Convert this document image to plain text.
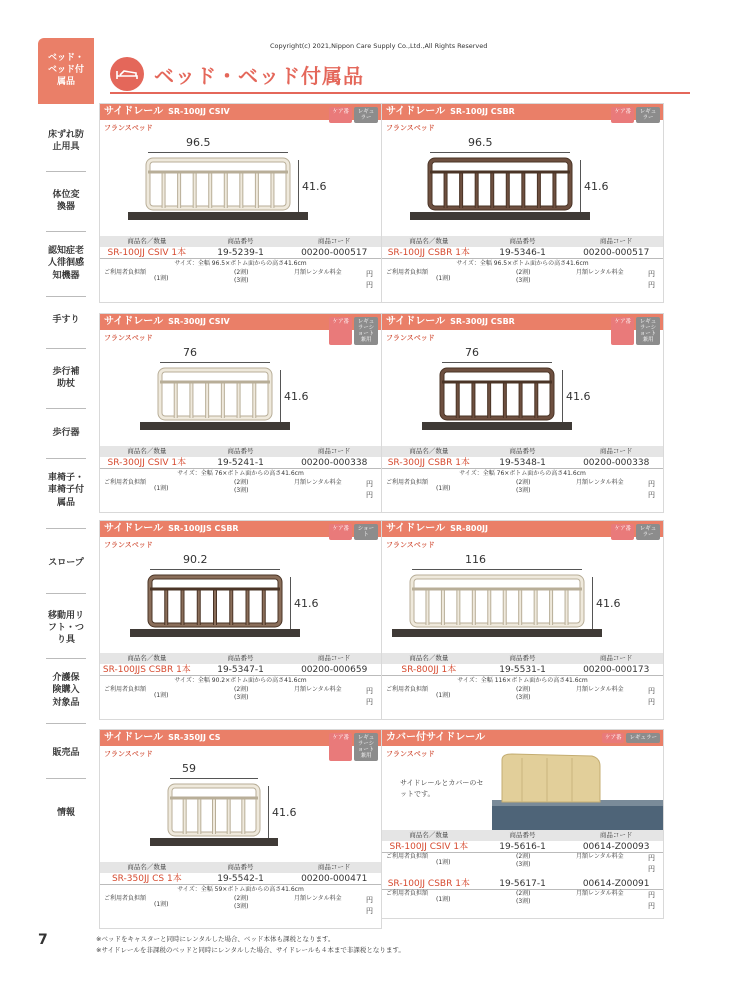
Copyright(c) 2021,Nippon Care Supply Co.,Ltd.,All Rights Reserved
ベッド・ベッド付属品
床ずれ防止用具
体位変換器
認知症老人徘徊感知機器
手すり
歩行補助杖
歩行器
車椅子・車椅子付属品
スロープ
移動用リフト・つり具
介護保険購入対象品
販売品
情報
ベッド・ベッド付属品
サイドレール SR-100JJ CSIV
フランスベッド
ケア番	レギュラー
96.5
41.6
商品名／数量	商品番号	商品コード
SR-100JJ CSIV 1本	19-5239-1	00200-000517
サイズ：全幅 96.5×ボトム面からの高さ41.6cm
ご利用者負担額
(1割)
(2割)
(3割)
月額レンタル料金	円
円
サイドレール SR-100JJ CSBR
フランスベッド
ケア番	レギュラー
96.5
41.6
商品名／数量	商品番号	商品コード
SR-100JJ CSBR 1本	19-5346-1	00200-000517
サイズ：全幅 96.5×ボトム面からの高さ41.6cm
ご利用者負担額
(1割)
(2割)
(3割)
月額レンタル料金	円
円
サイドレール SR-300JJ CSIV
フランスベッド
ケア番	レギュラーショート兼用
76
41.6
商品名／数量	商品番号	商品コード
SR-300JJ CSIV 1本	19-5241-1	00200-000338
サイズ：全幅 76×ボトム面からの高さ41.6cm
ご利用者負担額
(1割)
(2割)
(3割)
月額レンタル料金	円
円
サイドレール SR-300JJ CSBR
フランスベッド
ケア番	レギュラーショート兼用
76
41.6
商品名／数量	商品番号	商品コード
SR-300JJ CSBR 1本	19-5348-1	00200-000338
サイズ：全幅 76×ボトム面からの高さ41.6cm
ご利用者負担額
(1割)
(2割)
(3割)
月額レンタル料金	円
円
サイドレール SR-100JJS CSBR
フランスベッド
ケア番	ショート
90.2
41.6
商品名／数量	商品番号	商品コード
SR-100JJS CSBR 1本	19-5347-1	00200-000659
サイズ：全幅 90.2×ボトム面からの高さ41.6cm
ご利用者負担額
(1割)
(2割)
(3割)
月額レンタル料金	円
円
サイドレール SR-800JJ
フランスベッド
ケア番	レギュラー
116
41.6
商品名／数量	商品番号	商品コード
SR-800JJ 1本	19-5531-1	00200-000173
サイズ：全幅 116×ボトム面からの高さ41.6cm
ご利用者負担額
(1割)
(2割)
(3割)
月額レンタル料金	円
円
サイドレール SR-350JJ CS
フランスベッド
ケア番	レギュラーショート兼用
59
41.6
商品名／数量	商品番号	商品コード
SR-350JJ CS 1本	19-5542-1	00200-000471
サイズ：全幅 59×ボトム面からの高さ41.6cm
ご利用者負担額
(1割)
(2割)
(3割)
月額レンタル料金	円
円
カバー付サイドレール
フランスベッド
ケア番	レギュラー
サイドレールとカバーのセットです。
商品名／数量	商品番号	商品コード
SR-100JJ CSIV 1本	19-5616-1	00614-Z00093
ご利用者負担額
(1割)
(2割)
(3割)
月額レンタル料金	円
円
SR-100JJ CSBR 1本	19-5617-1	00614-Z00091
ご利用者負担額
(1割)
(2割)
(3割)
月額レンタル料金	円
円
7	※ベッドをキャスターと同時にレンタルした場合、ベッド本体も課税となります。
※サイドレールを非課税のベッドと同時にレンタルした場合、サイドレールも４本まで非課税となります。
